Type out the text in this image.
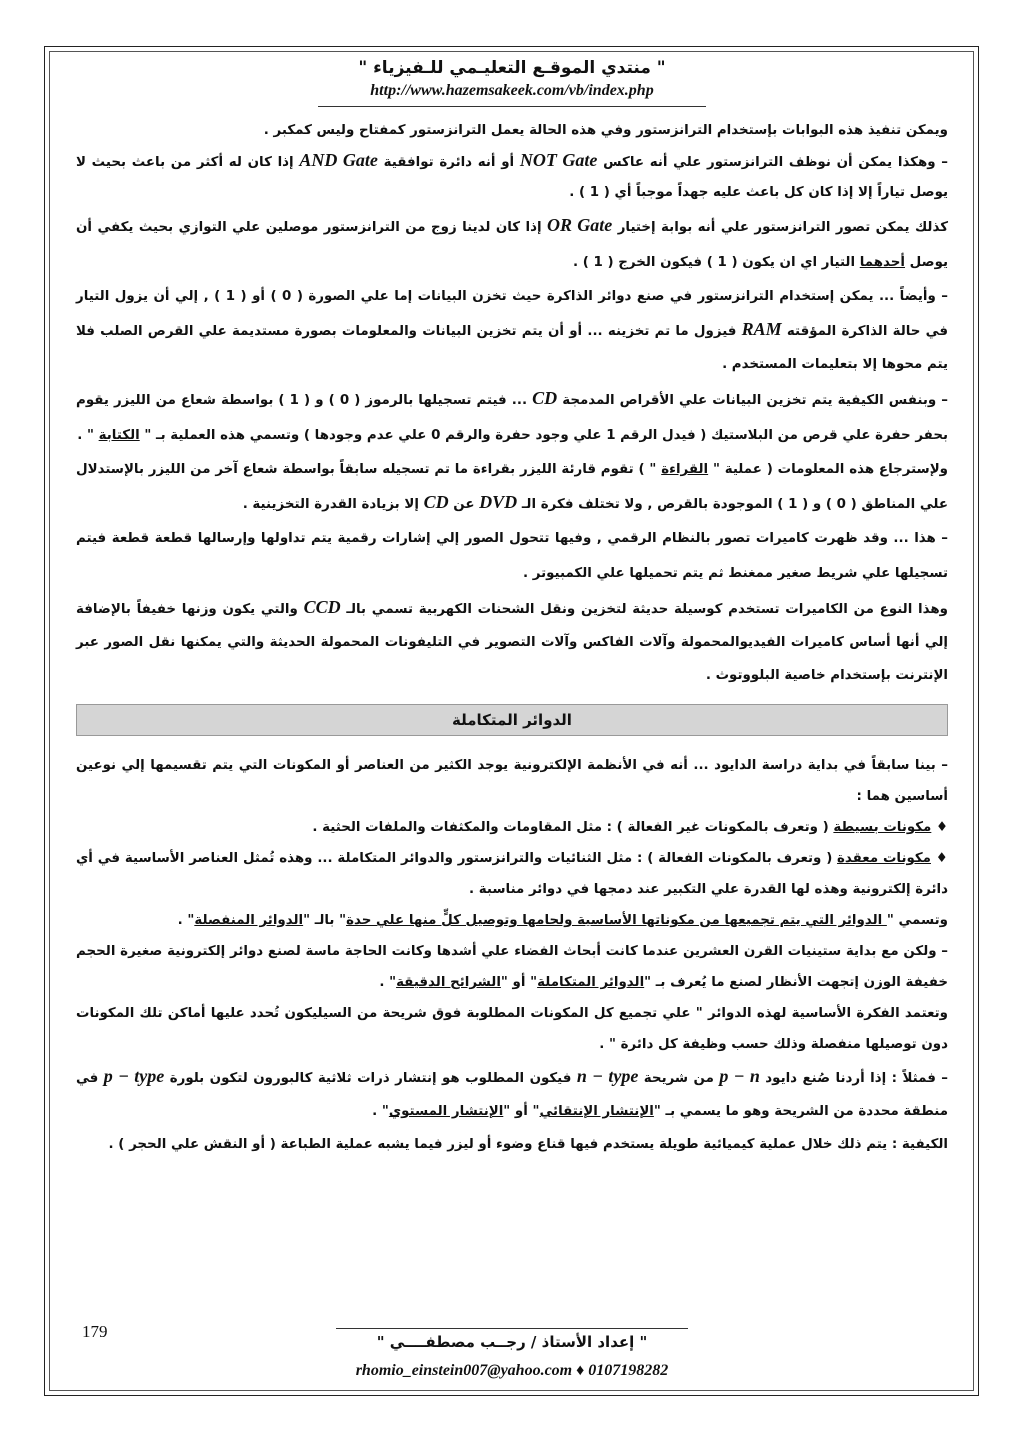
" منتدي الموقـع التعليـمي للـفيزياء "
http://www.hazemsakeek.com/vb/index.php

ويمكن تنفيذ هذه البوابات بإستخدام الترانزستور وفي هذه الحالة يعمل الترانزستور كمفتاح وليس كمكبر .

– وهكذا يمكن أن نوظف الترانزستور علي أنه عاكس NOT Gate أو أنه دائرة توافقية AND Gate إذا كان له أكثر من باعث بحيث لا يوصل تياراً إلا إذا كان كل باعث عليه جهداً موجباً أي ( 1 ) .

كذلك يمكن تصور الترانزستور علي أنه بوابة إختيار OR Gate إذا كان لدينا زوج من الترانزستور موصلين علي التوازي بحيث يكفي أن يوصل أحدهما التيار اي ان يكون ( 1 ) فيكون الخرج ( 1 ) .

– وأيضاً ... يمكن إستخدام الترانزستور في صنع دوائر الذاكرة حيث تخزن البيانات إما علي الصورة ( 0 ) أو ( 1 ) , إلي أن يزول التيار في حالة الذاكرة المؤقته RAM فيزول ما تم تخزينه ... أو أن يتم تخزين البيانات والمعلومات بصورة مستديمة علي القرص الصلب فلا يتم محوها إلا بتعليمات المستخدم .

– وبنفس الكيفية يتم تخزين البيانات علي الأقراص المدمجة CD ... فيتم تسجيلها بالرموز ( 0 ) و ( 1 ) بواسطة شعاع من الليزر يقوم بحفر حفرة علي قرص من البلاستيك ( فيدل الرقم 1 علي وجود حفرة والرقم 0 علي عدم وجودها ) وتسمي هذه العملية بـ " الكتابة " .

ولإسترجاع هذه المعلومات ( عملية " القراءة " ) تقوم قارئة الليزر بقراءة ما تم تسجيله سابقاً بواسطة شعاع آخر من الليزر بالإستدلال علي المناطق ( 0 ) و ( 1 ) الموجودة بالقرص , ولا تختلف فكرة الـ DVD عن CD إلا بزيادة القدرة التخزينية .

– هذا ... وقد ظهرت كاميرات تصور بالنظام الرقمي , وفيها تتحول الصور إلي إشارات رقمية يتم تداولها وإرسالها قطعة قطعة فيتم تسجيلها علي شريط صغير ممغنط ثم يتم تحميلها علي الكمبيوتر .

وهذا النوع من الكاميرات تستخدم كوسيلة حديثة لتخزين ونقل الشحنات الكهربية تسمي بالـ CCD والتي يكون وزنها خفيفاً بالإضافة إلي أنها أساس كاميرات الفيديوالمحمولة وآلات الفاكس وآلات التصوير في التليفونات المحمولة الحديثة والتي يمكنها نقل الصور عبر الإنترنت بإستخدام خاصية البلووتوث .

الدوائر المتكاملة

– بينا سابقاً في بداية دراسة الدايود ... أنه في الأنظمة الإلكترونية يوجد الكثير من العناصر أو المكونات التي يتم تقسيمها إلي نوعين أساسين هما :

♦ مكونات بسيطة ( وتعرف بالمكونات غير الفعالة ) : مثل المقاومات والمكثفات والملفات الحثية .

♦ مكونات معقدة ( وتعرف بالمكونات الفعالة ) : مثل الثنائيات والترانزستور والدوائر المتكاملة ... وهذه تُمثل العناصر الأساسية في أي دائرة إلكترونية وهذه لها القدرة علي التكبير عند دمجها في دوائر مناسبة .

وتسمي " الدوائر التي يتم تجميعها من مكوناتها الأساسية ولحامها وتوصيل كلٍّ منها علي حدة" بالـ "الدوائر المنفصلة" .

– ولكن مع بداية ستينيات القرن العشرين عندما كانت أبحاث الفضاء علي أشدها وكانت الحاجة ماسة لصنع دوائر إلكترونية صغيرة الحجم خفيفة الوزن إتجهت الأنظار لصنع ما يُعرف بـ "الدوائر المتكاملة" أو "الشرائح الدقيقة" .

وتعتمد الفكرة الأساسية لهذه الدوائر " علي تجميع كل المكونات المطلوبة فوق شريحة من السيليكون تُحدد عليها أماكن تلك المكونات دون توصيلها منفصلة وذلك حسب وظيفة كل دائرة " .

– فمثلاً : إذا أردنا صُنع دايود p − n من شريحة n − type فيكون المطلوب هو إنتشار ذرات ثلاثية كالبورون لتكون بلورة p − type في منطقة محددة من الشريحة وهو ما يسمي بـ "الإنتشار الإنتقائي" أو "الإنتشار المستوي" .

الكيفية : يتم ذلك خلال عملية كيميائية طويلة يستخدم فيها قناع وضوء أو ليزر فيما يشبه عملية الطباعة ( أو النقش علي الحجر ) .

179
" إعداد الأستاذ / رجــب مصطفــــي "
rhomio_einstein007@yahoo.com ♦ 0107198282
